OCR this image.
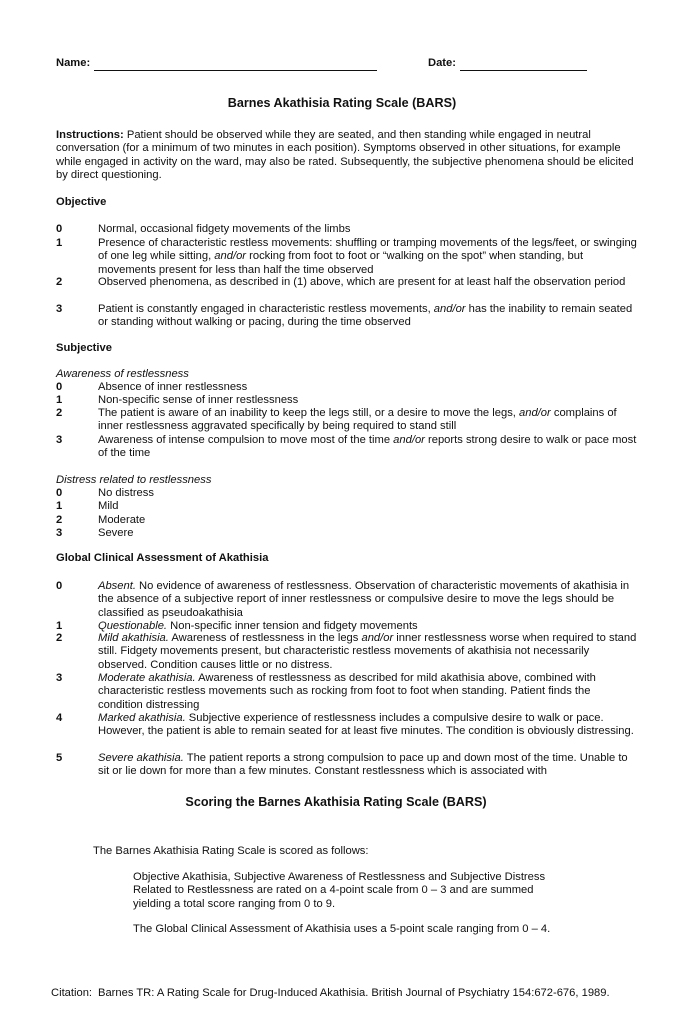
Name:	Date:
Barnes Akathisia Rating Scale (BARS)
Instructions: Patient should be observed while they are seated, and then standing while engaged in neutral conversation (for a minimum of two minutes in each position). Symptoms observed in other situations, for example while engaged in activity on the ward, may also be rated. Subsequently, the subjective phenomena should be elicited by direct questioning.
Objective
0	Normal, occasional fidgety movements of the limbs
1	Presence of characteristic restless movements: shuffling or tramping movements of the legs/feet, or swinging of one leg while sitting, and/or rocking from foot to foot or “walking on the spot” when standing, but movements present for less than half the time observed
2	Observed phenomena, as described in (1) above, which are present for at least half the observation period
3	Patient is constantly engaged in characteristic restless movements, and/or has the inability to remain seated or standing without walking or pacing, during the time observed
Subjective
Awareness of restlessness
0	Absence of inner restlessness
1	Non-specific sense of inner restlessness
2	The patient is aware of an inability to keep the legs still, or a desire to move the legs, and/or complains of inner restlessness aggravated specifically by being required to stand still
3	Awareness of intense compulsion to move most of the time and/or reports strong desire to walk or pace most of the time
Distress related to restlessness
0	No distress
1	Mild
2	Moderate
3	Severe
Global Clinical Assessment of Akathisia
0	Absent. No evidence of awareness of restlessness. Observation of characteristic movements of akathisia in the absence of a subjective report of inner restlessness or compulsive desire to move the legs should be classified as pseudoakathisia
1	Questionable. Non-specific inner tension and fidgety movements
2	Mild akathisia. Awareness of restlessness in the legs and/or inner restlessness worse when required to stand still. Fidgety movements present, but characteristic restless movements of akathisia not necessarily observed. Condition causes little or no distress.
3	Moderate akathisia. Awareness of restlessness as described for mild akathisia above, combined with characteristic restless movements such as rocking from foot to foot when standing. Patient finds the condition distressing
4	Marked akathisia. Subjective experience of restlessness includes a compulsive desire to walk or pace. However, the patient is able to remain seated for at least five minutes. The condition is obviously distressing.
5	Severe akathisia. The patient reports a strong compulsion to pace up and down most of the time. Unable to sit or lie down for more than a few minutes. Constant restlessness which is associated with
Scoring the Barnes Akathisia Rating Scale (BARS)
The Barnes Akathisia Rating Scale is scored as follows:
Objective Akathisia, Subjective Awareness of Restlessness and Subjective Distress Related to Restlessness are rated on a 4-point scale from 0 – 3 and are summed yielding a total score ranging from 0 to 9.
The Global Clinical Assessment of Akathisia uses a 5-point scale ranging from 0 – 4.
Citation: Barnes TR: A Rating Scale for Drug-Induced Akathisia. British Journal of Psychiatry 154:672-676, 1989.
